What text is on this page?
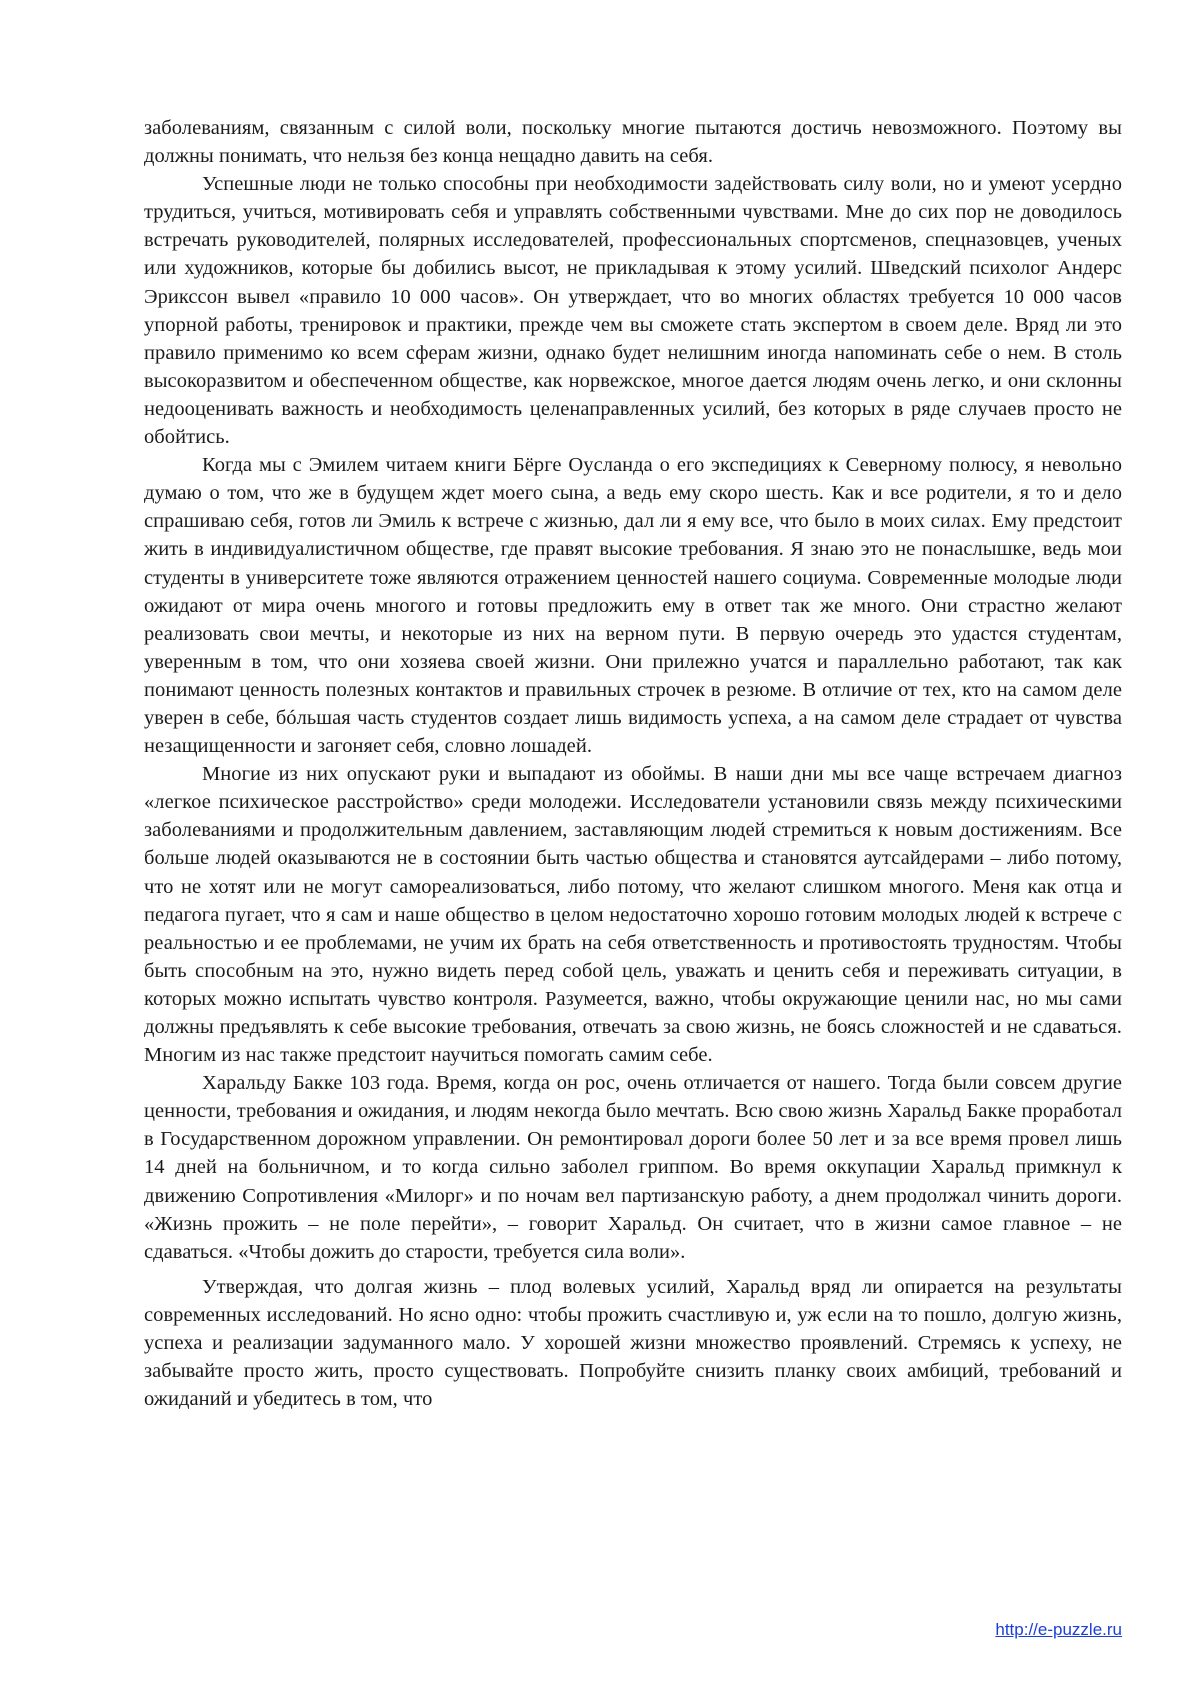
заболеваниям, связанным с силой воли, поскольку многие пытаются достичь невозможного. Поэтому вы должны понимать, что нельзя без конца нещадно давить на себя.

Успешные люди не только способны при необходимости задействовать силу воли, но и умеют усердно трудиться, учиться, мотивировать себя и управлять собственными чувствами. Мне до сих пор не доводилось встречать руководителей, полярных исследователей, профессиональных спортсменов, спецназовцев, ученых или художников, которые бы добились высот, не прикладывая к этому усилий. Шведский психолог Андерс Эрикссон вывел «правило 10 000 часов». Он утверждает, что во многих областях требуется 10 000 часов упорной работы, тренировок и практики, прежде чем вы сможете стать экспертом в своем деле. Вряд ли это правило применимо ко всем сферам жизни, однако будет нелишним иногда напоминать себе о нем. В столь высокоразвитом и обеспеченном обществе, как норвежское, многое дается людям очень легко, и они склонны недооценивать важность и необходимость целенаправленных усилий, без которых в ряде случаев просто не обойтись.

Когда мы с Эмилем читаем книги Бёрге Оусланда о его экспедициях к Северному полюсу, я невольно думаю о том, что же в будущем ждет моего сына, а ведь ему скоро шесть. Как и все родители, я то и дело спрашиваю себя, готов ли Эмиль к встрече с жизнью, дал ли я ему все, что было в моих силах. Ему предстоит жить в индивидуалистичном обществе, где правят высокие требования. Я знаю это не понаслышке, ведь мои студенты в университете тоже являются отражением ценностей нашего социума. Современные молодые люди ожидают от мира очень многого и готовы предложить ему в ответ так же много. Они страстно желают реализовать свои мечты, и некоторые из них на верном пути. В первую очередь это удастся студентам, уверенным в том, что они хозяева своей жизни. Они прилежно учатся и параллельно работают, так как понимают ценность полезных контактов и правильных строчек в резюме. В отличие от тех, кто на самом деле уверен в себе, бóльшая часть студентов создает лишь видимость успеха, а на самом деле страдает от чувства незащищенности и загоняет себя, словно лошадей.

Многие из них опускают руки и выпадают из обоймы. В наши дни мы все чаще встречаем диагноз «легкое психическое расстройство» среди молодежи. Исследователи установили связь между психическими заболеваниями и продолжительным давлением, заставляющим людей стремиться к новым достижениям. Все больше людей оказываются не в состоянии быть частью общества и становятся аутсайдерами – либо потому, что не хотят или не могут самореализоваться, либо потому, что желают слишком многого. Меня как отца и педагога пугает, что я сам и наше общество в целом недостаточно хорошо готовим молодых людей к встрече с реальностью и ее проблемами, не учим их брать на себя ответственность и противостоять трудностям. Чтобы быть способным на это, нужно видеть перед собой цель, уважать и ценить себя и переживать ситуации, в которых можно испытать чувство контроля. Разумеется, важно, чтобы окружающие ценили нас, но мы сами должны предъявлять к себе высокие требования, отвечать за свою жизнь, не боясь сложностей и не сдаваться. Многим из нас также предстоит научиться помогать самим себе.

Харальду Бакке 103 года. Время, когда он рос, очень отличается от нашего. Тогда были совсем другие ценности, требования и ожидания, и людям некогда было мечтать. Всю свою жизнь Харальд Бакке проработал в Государственном дорожном управлении. Он ремонтировал дороги более 50 лет и за все время провел лишь 14 дней на больничном, и то когда сильно заболел гриппом. Во время оккупации Харальд примкнул к движению Сопротивления «Милорг» и по ночам вел партизанскую работу, а днем продолжал чинить дороги. «Жизнь прожить – не поле перейти», – говорит Харальд. Он считает, что в жизни самое главное – не сдаваться. «Чтобы дожить до старости, требуется сила воли».

Утверждая, что долгая жизнь – плод волевых усилий, Харальд вряд ли опирается на результаты современных исследований. Но ясно одно: чтобы прожить счастливую и, уж если на то пошло, долгую жизнь, успеха и реализации задуманного мало. У хорошей жизни множество проявлений. Стремясь к успеху, не забывайте просто жить, просто существовать. Попробуйте снизить планку своих амбиций, требований и ожиданий и убедитесь в том, что

http://e-puzzle.ru
